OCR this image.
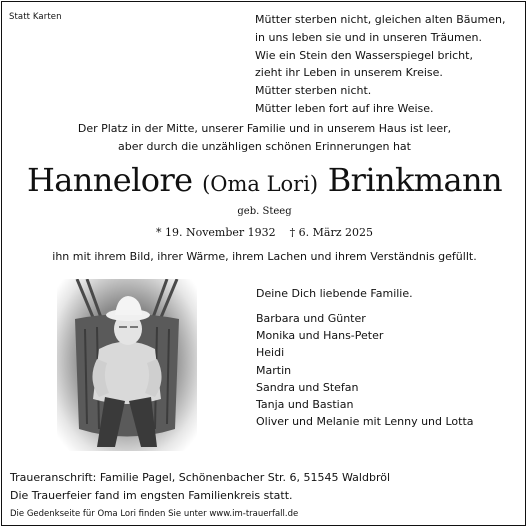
Statt Karten	Mütter sterben nicht, gleichen alten Bäumen,
in uns leben sie und in unseren Träumen.
Wie ein Stein den Wasserspiegel bricht,
zieht ihr Leben in unserem Kreise.
Mütter sterben nicht.
Mütter leben fort auf ihre Weise.
Der Platz in der Mitte, unserer Familie und in unserem Haus ist leer,
aber durch die unzähligen schönen Erinnerungen hat
Hannelore (Oma Lori) Brinkmann
geb. Steeg
* 19. November 1932 † 6. März 2025
ihn mit ihrem Bild, ihrer Wärme, ihrem Lachen und ihrem Verständnis gefüllt.
Deine Dich liebende Familie.
Barbara und Günter
Monika und Hans-Peter
Heidi
Martin
Sandra und Stefan
Tanja und Bastian
Oliver und Melanie mit Lenny und Lotta
Traueranschrift: Familie Pagel, Schönenbacher Str. 6, 51545 Waldbröl
Die Trauerfeier fand im engsten Familienkreis statt.
Die Gedenkseite für Oma Lori finden Sie unter www.im-trauerfall.de
